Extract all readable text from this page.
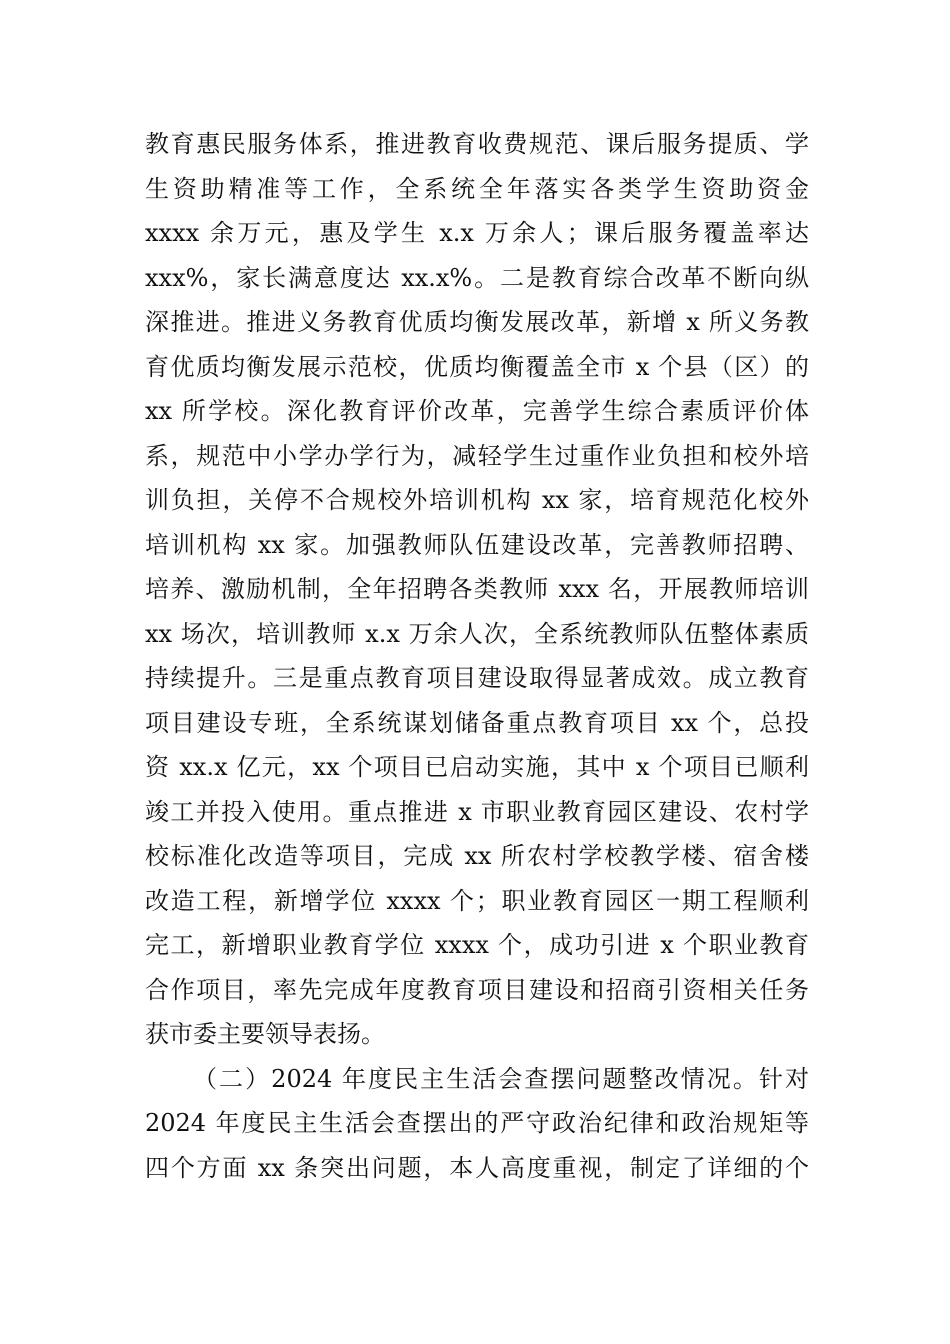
教育惠民服务体系，推进教育收费规范、课后服务提质、学
生资助精准等工作，全系统全年落实各类学生资助资金
xxxx 余万元，惠及学生 x.x 万余人；课后服务覆盖率达
xxx%，家长满意度达 xx.x%。二是教育综合改革不断向纵
深推进。推进义务教育优质均衡发展改革，新增 x 所义务教
育优质均衡发展示范校，优质均衡覆盖全市 x 个县（区）的
xx 所学校。深化教育评价改革，完善学生综合素质评价体
系，规范中小学办学行为，减轻学生过重作业负担和校外培
训负担，关停不合规校外培训机构 xx 家，培育规范化校外
培训机构 xx 家。加强教师队伍建设改革，完善教师招聘、
培养、激励机制，全年招聘各类教师 xxx 名，开展教师培训
xx 场次，培训教师 x.x 万余人次，全系统教师队伍整体素质
持续提升。三是重点教育项目建设取得显著成效。成立教育
项目建设专班，全系统谋划储备重点教育项目 xx 个，总投
资 xx.x 亿元，xx 个项目已启动实施，其中 x 个项目已顺利
竣工并投入使用。重点推进 x 市职业教育园区建设、农村学
校标准化改造等项目，完成 xx 所农村学校教学楼、宿舍楼
改造工程，新增学位 xxxx 个；职业教育园区一期工程顺利
完工，新增职业教育学位 xxxx 个，成功引进 x 个职业教育
合作项目，率先完成年度教育项目建设和招商引资相关任务
获市委主要领导表扬。
（二）2024 年度民主生活会查摆问题整改情况。针对
2024 年度民主生活会查摆出的严守政治纪律和政治规矩等
四个方面 xx 条突出问题，本人高度重视，制定了详细的个
